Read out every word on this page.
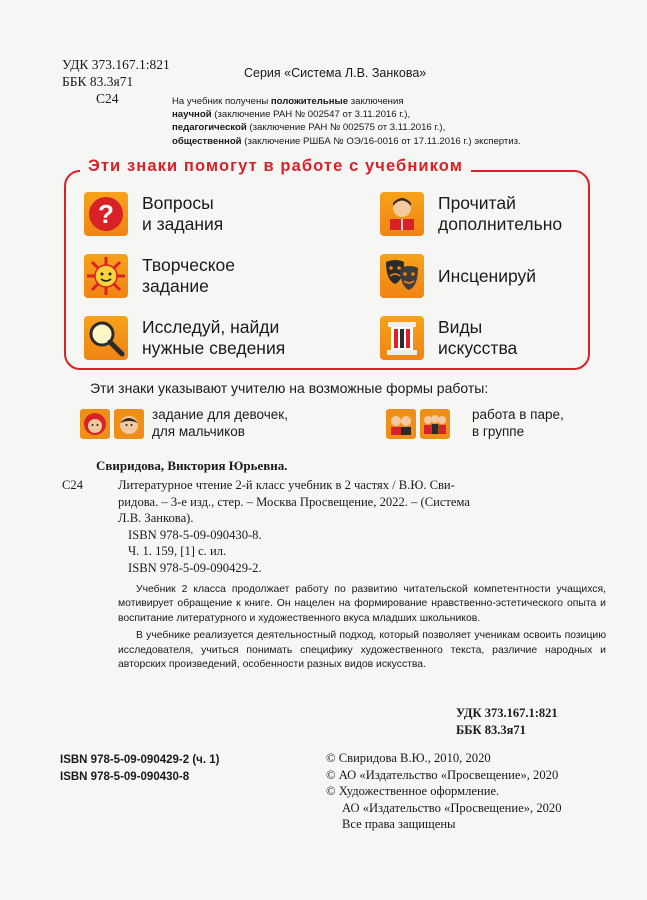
УДК 373.167.1:821
ББК 83.3я71
С24
Серия «Система Л.В. Занкова»
На учебник получены положительные заключения
научной (заключение РАН № 002547 от 3.11.2016 г.),
педагогической (заключение РАН № 002575 от 3.11.2016 г.),
общественной (заключение РШБА № ОЭ/16-0016 от 17.11.2016 г.) экспертиз.
Эти знаки помогут в работе с учебником
? Вопросы
и задания
Прочитай
дополнительно
Творческое
задание
Инсценируй
Исследуй, найди
нужные сведения
Виды
искусства
Эти знаки указывают учителю на возможные формы работы:
задание для девочек,
для мальчиков
работа в паре,
в группе
Свиридова, Виктория Юрьевна.
С24	Литературное чтение 2-й класс учебник в 2 частях / В.Ю. Сви-
ридова. – 3-е изд., стер. – Москва Просвещение, 2022. – (Система
Л.В. Занкова).
ISBN 978-5-09-090430-8.
Ч. 1. 159, [1] с. ил.
ISBN 978-5-09-090429-2.

Учебник 2 класса продолжает работу по развитию читательской компетентности учащихся, мотивирует обращение к книге. Он нацелен на формирование нравственно-эстетического опыта и воспитание литературного и художественного вкуса младших школьников.

В учебнике реализуется деятельностный подход, который позволяет ученикам освоить позицию исследователя, учиться понимать специфику художественного текста, различие народных и авторских произведений, особенности разных видов искусства.

УДК 373.167.1:821
ББК 83.3я71
ISBN 978-5-09-090429-2 (ч. 1)
ISBN 978-5-09-090430-8
© Свиридова В.Ю., 2010, 2020
© АО «Издательство «Просвещение», 2020
© Художественное оформление.
АО «Издательство «Просвещение», 2020
Все права защищены
